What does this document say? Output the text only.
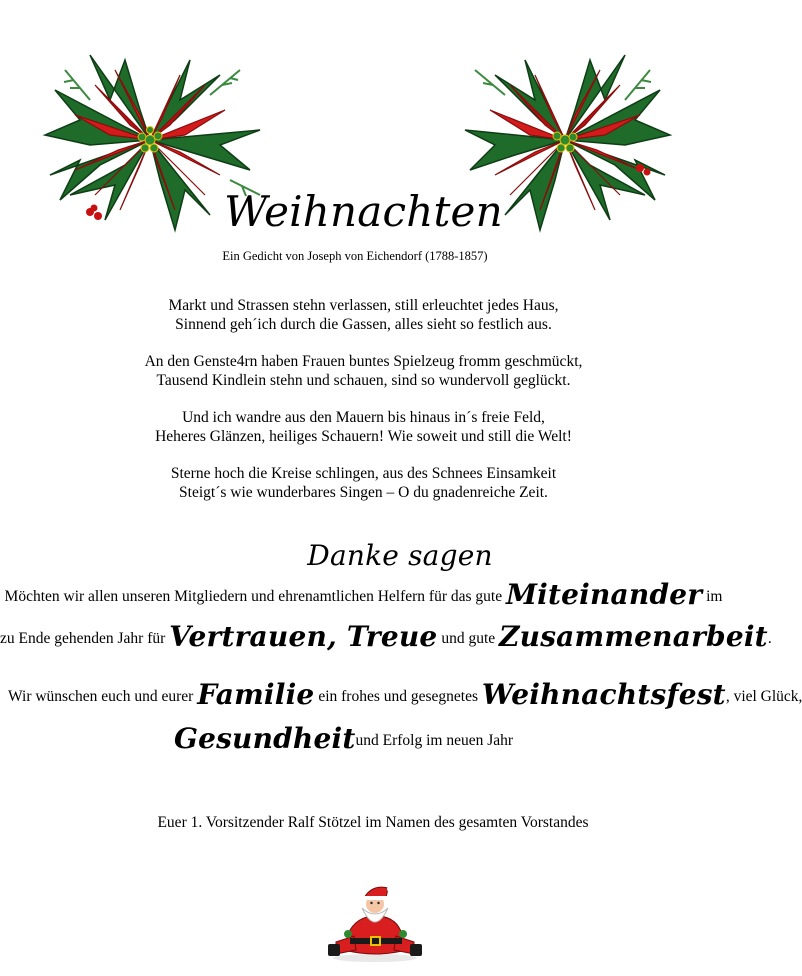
Weihnachten
Ein Gedicht von Joseph von Eichendorf (1788-1857)
Markt und Strassen stehn verlassen, still erleuchtet jedes Haus,
Sinnend geh´ich durch die Gassen, alles sieht so festlich aus.
An den Genste4rn haben Frauen buntes Spielzeug fromm geschmückt,
Tausend Kindlein stehn und schauen, sind so wundervoll geglückt.
Und ich wandre aus den Mauern bis hinaus in´s freie Feld,
Heheres Glänzen, heiliges Schauern! Wie soweit und still die Welt!
Sterne hoch die Kreise schlingen, aus des Schnees Einsamkeit
Steigt´s wie wunderbares Singen – O du gnadenreiche Zeit.
Danke sagen
Möchten wir allen unseren Mitgliedern und ehrenamtlichen Helfern für das gute Miteinander im
zu Ende gehenden Jahr für Vertrauen, Treue und gute Zusammenarbeit.
Wir wünschen euch und eurer Familie ein frohes und gesegnetes Weihnachtsfest, viel Glück,
Gesundheitund Erfolg im neuen Jahr
Euer 1. Vorsitzender Ralf Stötzel im Namen des gesamten Vorstandes
